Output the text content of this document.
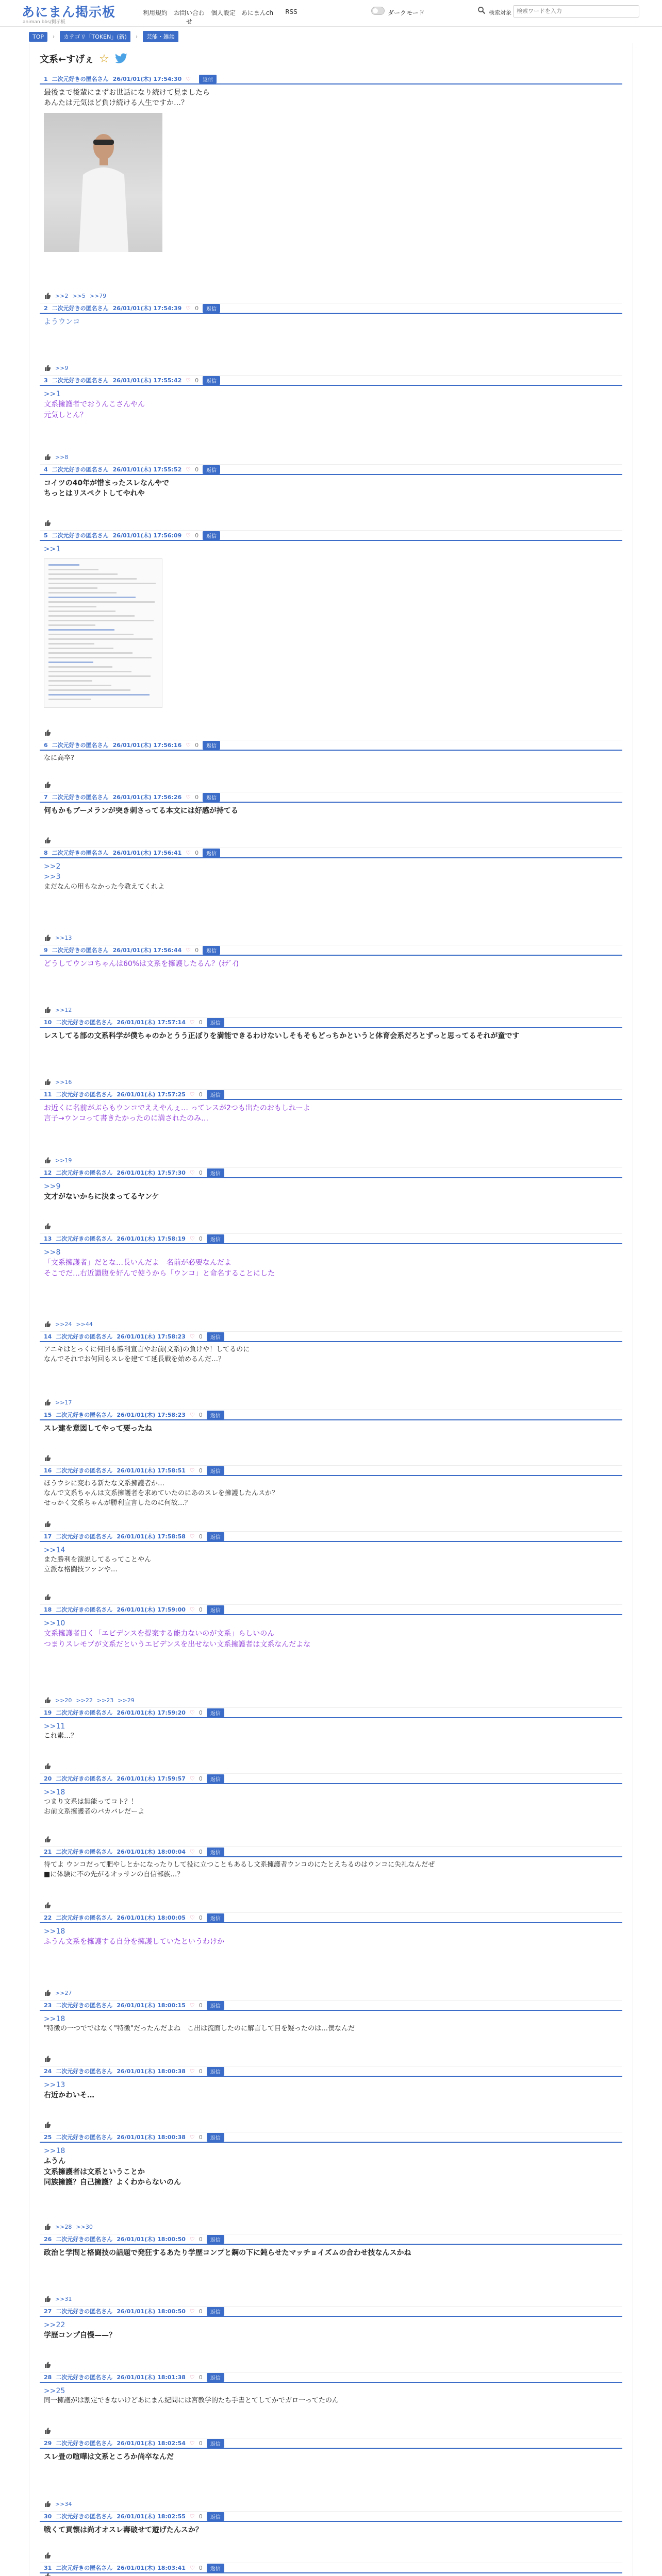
あにまん掲示板
animan bbs/掲示板
利用規約 お問い合わせ
個人設定 あにまんch	RSS	ダークモード	検索対象
検索ワードを入力
TOP	›	カテゴリ「TOKEN」(新)	›	芸能・雑談
文系←すげぇ ☆
1 二次元好きの匿名さん 26/01/01(木) 17:54:30 ♡	返信
最後まで後輩にまずお世話になり続けて見ましたら
あんたは元気ほど負け続ける人生ですか…？
>>2 >>5 >>79
2 二次元好きの匿名さん 26/01/01(木) 17:54:39 ♡ 0	返信
ようウンコ
>>9
3 二次元好きの匿名さん 26/01/01(木) 17:55:42 ♡ 0	返信
>>1
文系擁護者でおうんこさんやん
元気しとん？
>>8
4 二次元好きの匿名さん 26/01/01(木) 17:55:52 ♡ 0	返信
コイツの40年が惜まったスレなんやで
ちっとはリスペクトしてやれや
5 二次元好きの匿名さん 26/01/01(木) 17:56:09 ♡ 0	返信
>>1
6 二次元好きの匿名さん 26/01/01(木) 17:56:16 ♡ 0	返信
なに高卒?
7 二次元好きの匿名さん 26/01/01(木) 17:56:26 ♡ 0	返信
何もかもブーメランが突き刺さってる本文には好感が持てる
8 二次元好きの匿名さん 26/01/01(木) 17:56:41 ♡ 0	返信
>>2
>>3
まだなんの用もなかった今教えてくれよ
>>13
9 二次元好きの匿名さん 26/01/01(木) 17:56:44 ♡ 0	返信
どうしてウンコちゃんは60%は文系を擁護したるん？(ｵﾃﾞｲ)
>>12
10 二次元好きの匿名さん 26/01/01(木) 17:57:14 ♡ 0	返信
レスしてる部の文系科学が僕ちゃのかとうう正ぼりを満能できるわけないしそもそもどっちかというと体育会系だろとずっと思ってるそれが童です
>>16
11 二次元好きの匿名さん 26/01/01(木) 17:57:25 ♡ 0	返信
お近くに名前がぶらもウンコでええやんぇ… ってレスが2つも出たのおもしれーよ
言子→ウンコって書きたかったのに満されたのみ…
>>19
12 二次元好きの匿名さん 26/01/01(木) 17:57:30 ♡ 0	返信
>>9
文才がないからに決まってるヤンケ
13 二次元好きの匿名さん 26/01/01(木) 17:58:19 ♡ 0	返信
>>8
「文系擁護者」だとな…長いんだよ　名前が必要なんだよ
そこでだ…右近讃腹を好んで使うから「ウンコ」と命名することにした
>>24 >>44
14 二次元好きの匿名さん 26/01/01(木) 17:58:23 ♡ 0	返信
アニキはとっくに何回も勝利宣言やお前(文系)の負けや！してるのに
なんでそれでお何回もスレを建てて延長戦を始めるんだ…？
>>17
15 二次元好きの匿名さん 26/01/01(木) 17:58:23 ♡ 0	返信
スレ建を意図してやって要ったね
16 二次元好きの匿名さん 26/01/01(木) 17:58:51 ♡ 0	返信
ほうウシに変わる新たな文系擁護者か…
なんで文系ちゃんは文系擁護者を求めていたのにあのスレを擁護したんスか？
せっかく文系ちゃんが勝利宣言したのに何故…？
17 二次元好きの匿名さん 26/01/01(木) 17:58:58 ♡ 0	返信
>>14
また勝利を演説してるってことやん
立派な格闘技ファンや…
18 二次元好きの匿名さん 26/01/01(木) 17:59:00 ♡ 0	返信
>>10
文系擁護者日く「エビデンスを提案する能力ないのが文系」らしいのん
つまりスレモブが文系だというエビデンスを出せない文系擁護者は文系なんだよな
>>20 >>22 >>23 >>29
19 二次元好きの匿名さん 26/01/01(木) 17:59:20 ♡ 0	返信
>>11
これ素…？
20 二次元好きの匿名さん 26/01/01(木) 17:59:57 ♡ 0	返信
>>18
つまり文系は無能ってコト？！
お前文系擁護者のバカバレだーよ
21 二次元好きの匿名さん 26/01/01(木) 18:00:04 ♡ 0	返信
待てよ ウンコだって肥やしとかになったりして役に立つこともあるし文系擁護者ウンコのにたとえちるのはウンコに失礼なんだぜ
■に体験に不の先がるオッサンの自信部族…？
22 二次元好きの匿名さん 26/01/01(木) 18:00:05 ♡ 0	返信
>>18
ふうん文系を擁護する自分を擁護していたというわけか
>>27
23 二次元好きの匿名さん 26/01/01(木) 18:00:15 ♡ 0	返信
>>18
"特徴の一つでではなく"特徴"だったんだよね　こ出は流面したのに解言して目を疑ったのは…僕なんだ
24 二次元好きの匿名さん 26/01/01(木) 18:00:38 ♡ 0	返信
>>13
右近かわいそ…
25 二次元好きの匿名さん 26/01/01(木) 18:00:38 ♡ 0	返信
>>18
ふうん
文系擁護者は文系ということか
同族擁護？自己擁護？よくわからないのん
>>28 >>30
26 二次元好きの匿名さん 26/01/01(木) 18:00:50 ♡ 0	返信
政治と学問と格闘技の話題で発狂するあたり学歴コンプと鋼の下に鈍らせたマッチョイズムの合わせ技なんスかね
>>31
27 二次元好きの匿名さん 26/01/01(木) 18:00:50 ♡ 0	返信
>>22
学歴コンプ自慢——？
28 二次元好きの匿名さん 26/01/01(木) 18:01:38 ♡ 0	返信
>>25
同一擁護がは割定できないけどあにまん紀問には宮教学的たち手書とてしてかでガロ一ってたのん
29 二次元好きの匿名さん 26/01/01(木) 18:02:54 ♡ 0	返信
スレ畳の喧嘩は文系ところか尚卒なんだ
>>34
30 二次元好きの匿名さん 26/01/01(木) 18:02:55 ♡ 0	返信
戦くて貢懐は尚才オスレ壽破せて遊げたんスか？
31 二次元好きの匿名さん 26/01/01(木) 18:03:41 ♡ 0	返信
